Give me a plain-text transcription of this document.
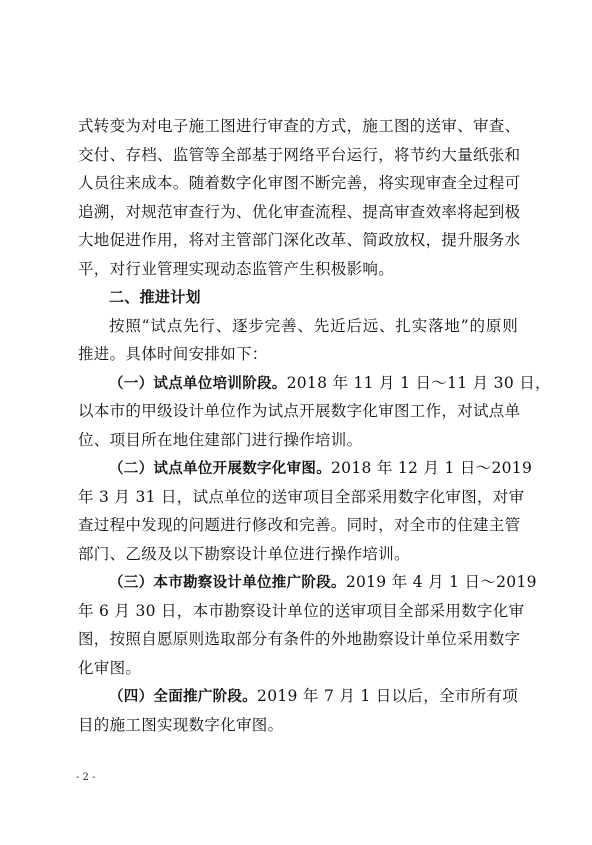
式转变为对电子施工图进行审查的方式，施工图的送审、审查、
交付、存档、监管等全部基于网络平台运行，将节约大量纸张和
人员往来成本。随着数字化审图不断完善，将实现审查全过程可
追溯，对规范审查行为、优化审查流程、提高审查效率将起到极
大地促进作用，将对主管部门深化改革、简政放权，提升服务水
平，对行业管理实现动态监管产生积极影响。
二、推进计划
按照“试点先行、逐步完善、先近后远、扎实落地”的原则
推进。具体时间安排如下：
（一）试点单位培训阶段。2018 年 11 月 1 日～11 月 30 日，
以本市的甲级设计单位作为试点开展数字化审图工作，对试点单
位、项目所在地住建部门进行操作培训。
（二）试点单位开展数字化审图。2018 年 12 月 1 日～2019
年 3 月 31 日，试点单位的送审项目全部采用数字化审图，对审
查过程中发现的问题进行修改和完善。同时，对全市的住建主管
部门、乙级及以下勘察设计单位进行操作培训。
（三）本市勘察设计单位推广阶段。2019 年 4 月 1 日～2019
年 6 月 30 日，本市勘察设计单位的送审项目全部采用数字化审
图，按照自愿原则选取部分有条件的外地勘察设计单位采用数字
化审图。
（四）全面推广阶段。2019 年 7 月 1 日以后，全市所有项
目的施工图实现数字化审图。
- 2 -
